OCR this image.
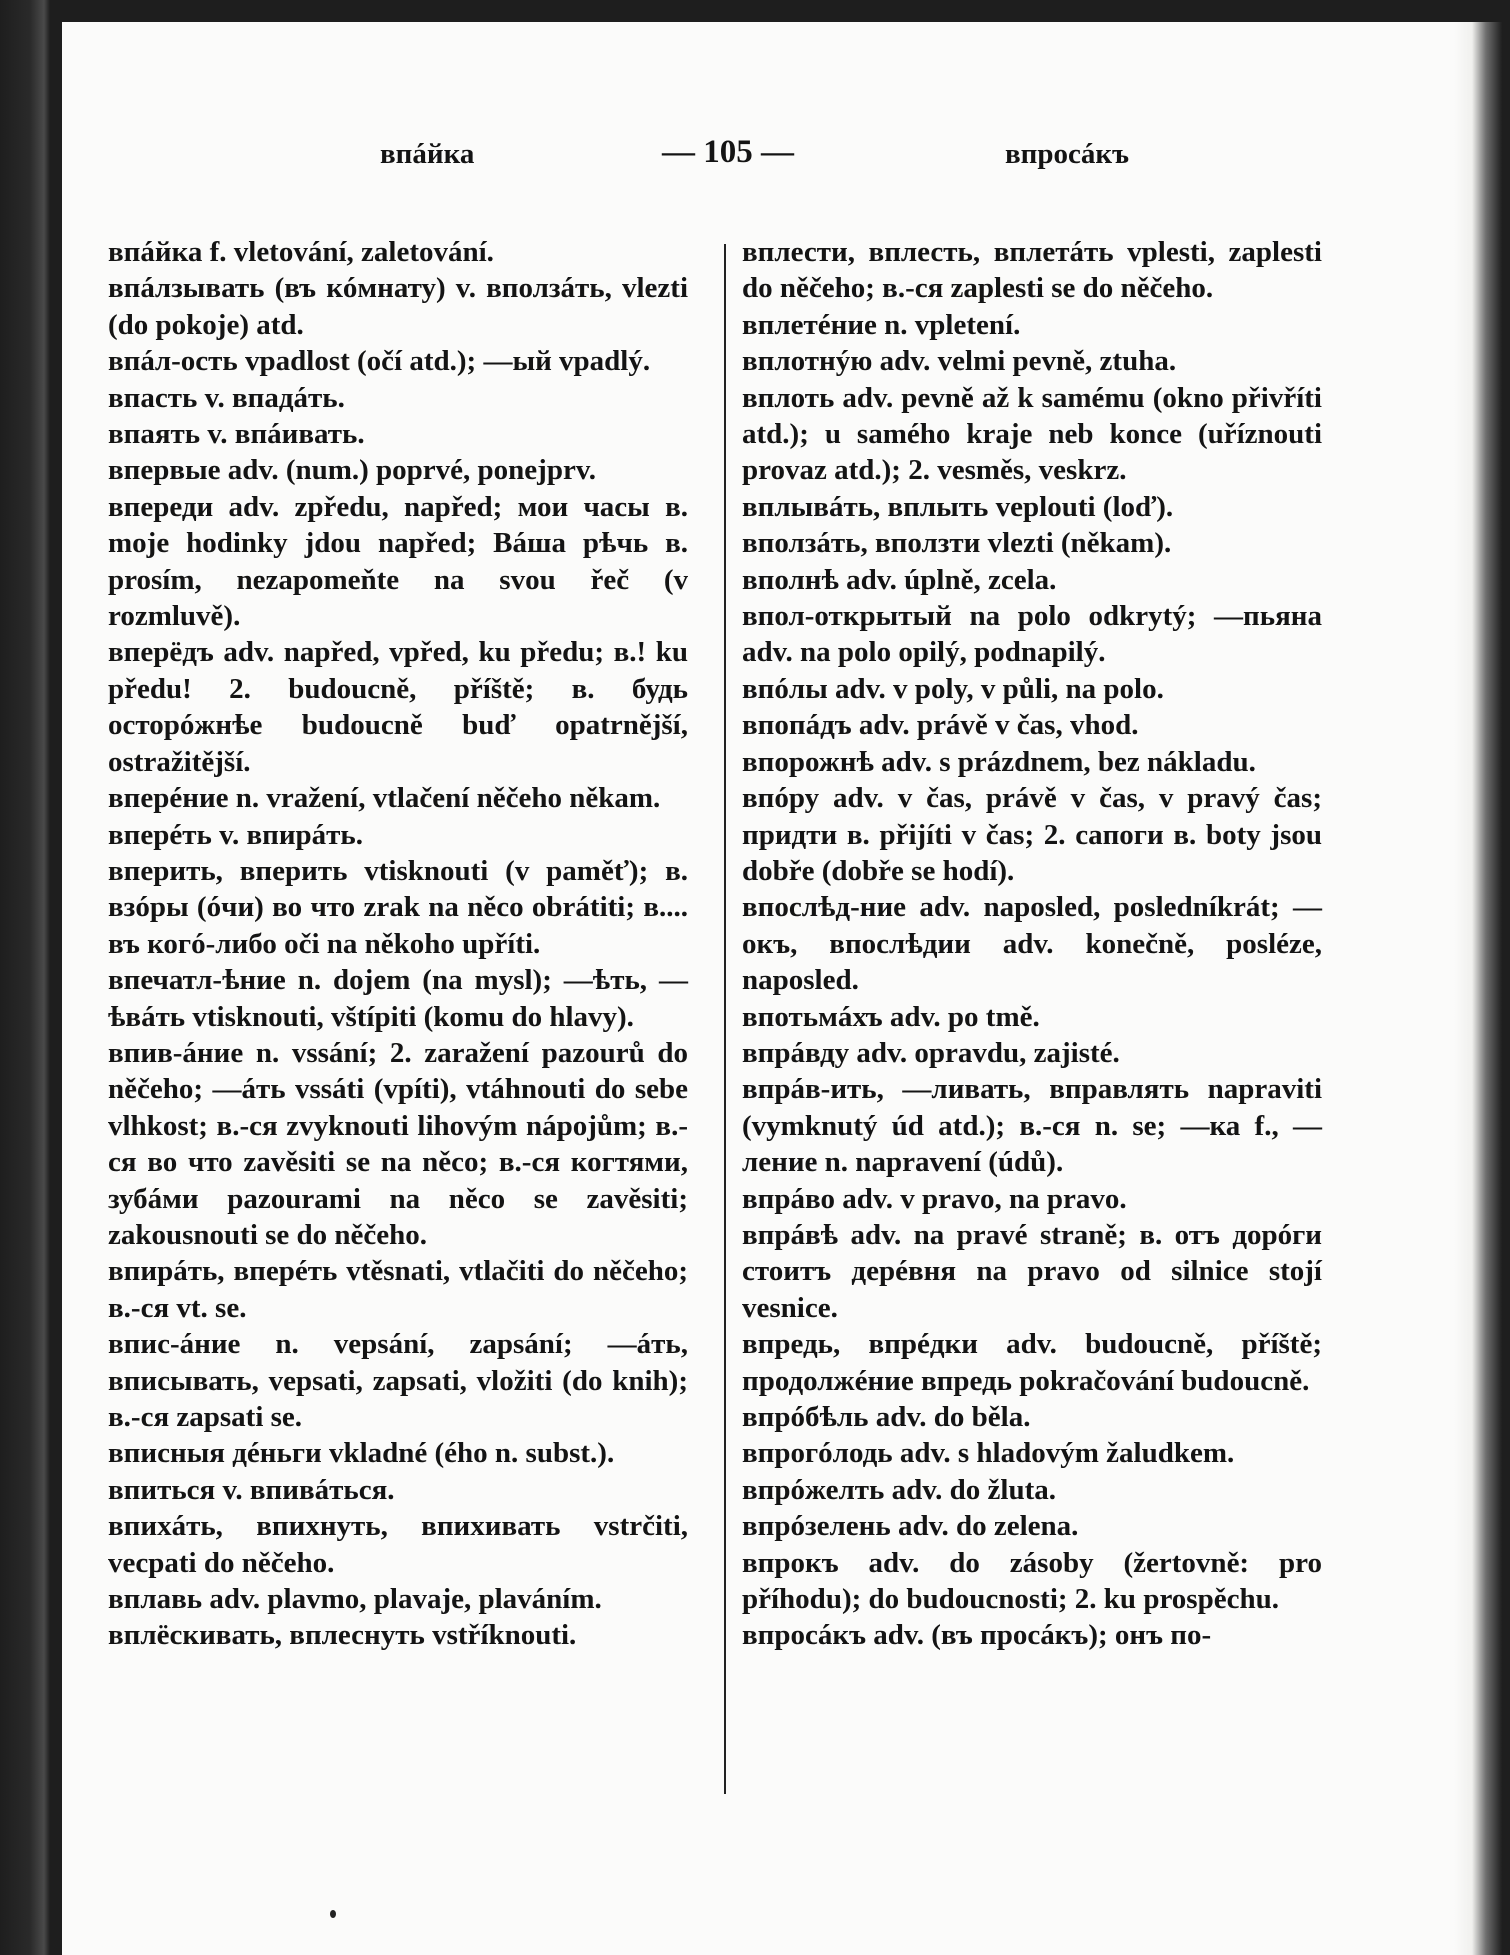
впáйка	— 105 —	впросáкъ

впáйка f. vletování, zaletování.

впáлзывать (въ кóмнату) v. вползáть, vlezti (do pokoje) atd.

впáл-ость vpadlost (očí atd.); —ый vpadlý.

впасть v. впадáть.

впаять v. впáивать.

впервые adv. (num.) poprvé, ponejprv.

впереди adv. zpředu, napřed; мои часы в. moje hodinky jdou napřed; Вáша рѣчь в. prosím, nezapomeňte na svou řeč (v rozmluvě).

вперёдъ adv. napřed, vpřed, ku předu; в.! ku předu! 2. budoucně, příště; в. будь осторóжнѣе budoucně buď opatrnější, ostražitější.

вперéние n. vražení, vtlačení něčeho někam.

вперéть v. впирáть.

вперить, вперить vtisknouti (v paměť); в. взóры (óчи) во что zrak na něco obrátiti; в.... въ когó-либо oči na někoho upříti.

впечатл-ѣние n. dojem (na mysl); —ѣть, —ѣвáть vtisknouti, vštípiti (komu do hlavy).

впив-áние n. vssání; 2. zaražení pazourů do něčeho; —áть vssáti (vpíti), vtáhnouti do sebe vlhkost; в.-ся zvyknouti lihovým nápojům; в.-ся во что zavěsiti se na něco; в.-ся когтями, зубáми pazourami na něco se zavěsiti; zakousnouti se do něčeho.

впирáть, вперéть vtěsnati, vtlačiti do něčeho; в.-ся vt. se.

впис-áние n. vepsání, zapsání; —áть, вписывать, vepsati, zapsati, vložiti (do knih); в.-ся zapsati se.

вписныя дéньги vkladné (ého n. subst.).

впиться v. впивáться.

впихáть, впихнуть, впихивать vstrčiti, vecpati do něčeho.

вплавь adv. plavmo, plavaje, plaváním.

вплёскивать, вплеснуть vstříknouti.

вплести, вплесть, вплетáть vplesti, zaplesti do něčeho; в.-ся zaplesti se do něčeho.

вплетéние n. vpletení.

вплотнýю adv. velmi pevně, ztuha.

вплоть adv. pevně až k samému (okno přivříti atd.); u samého kraje neb konce (uříznouti provaz atd.); 2. vesměs, veskrz.

вплывáть, вплыть veplouti (loď).

вползáть, вползти vlezti (někam).

вполнѣ adv. úplně, zcela.

впол-открытый na polo odkrytý; —пьяна adv. na polo opilý, podnapilý.

впóлы adv. v poly, v půli, na polo.

впопáдъ adv. právě v čas, vhod.

впорожнѣ adv. s prázdnem, bez nákladu.

впóру adv. v čas, právě v čas, v pravý čas; придти в. přijíti v čas; 2. caпоги в. boty jsou dobře (dobře se hodí).

впослѣд-ние adv. naposled, posledníkrát; —окъ, впослѣдии adv. konečně, posléze, naposled.

впотьмáхъ adv. po tmě.

впрáвду adv. opravdu, zajisté.

впрáв-ить, —ливать, вправлять napraviti (vymknutý úd atd.); в.-ся n. se; —ка f., —ление n. napravení (údů).

впрáво adv. v pravo, na pravo.

впрáвѣ adv. na pravé straně; в. отъ дорóги стоитъ дерéвня na pravo od silnice stojí vesnice.

впредь, впрéдки adv. budoucně, příště; продолжéние впредь pokračování budoucně.

впрóбѣль adv. do běla.

впрогóлодь adv. s hladovým žaludkem.

впрóжелть adv. do žluta.

впрóзелень adv. do zelena.

впрокъ adv. do zásoby (žertovně: pro příhodu); do budoucnosti; 2. ku prospěchu.

впросáкъ adv. (въ просáкъ); онъ по-
